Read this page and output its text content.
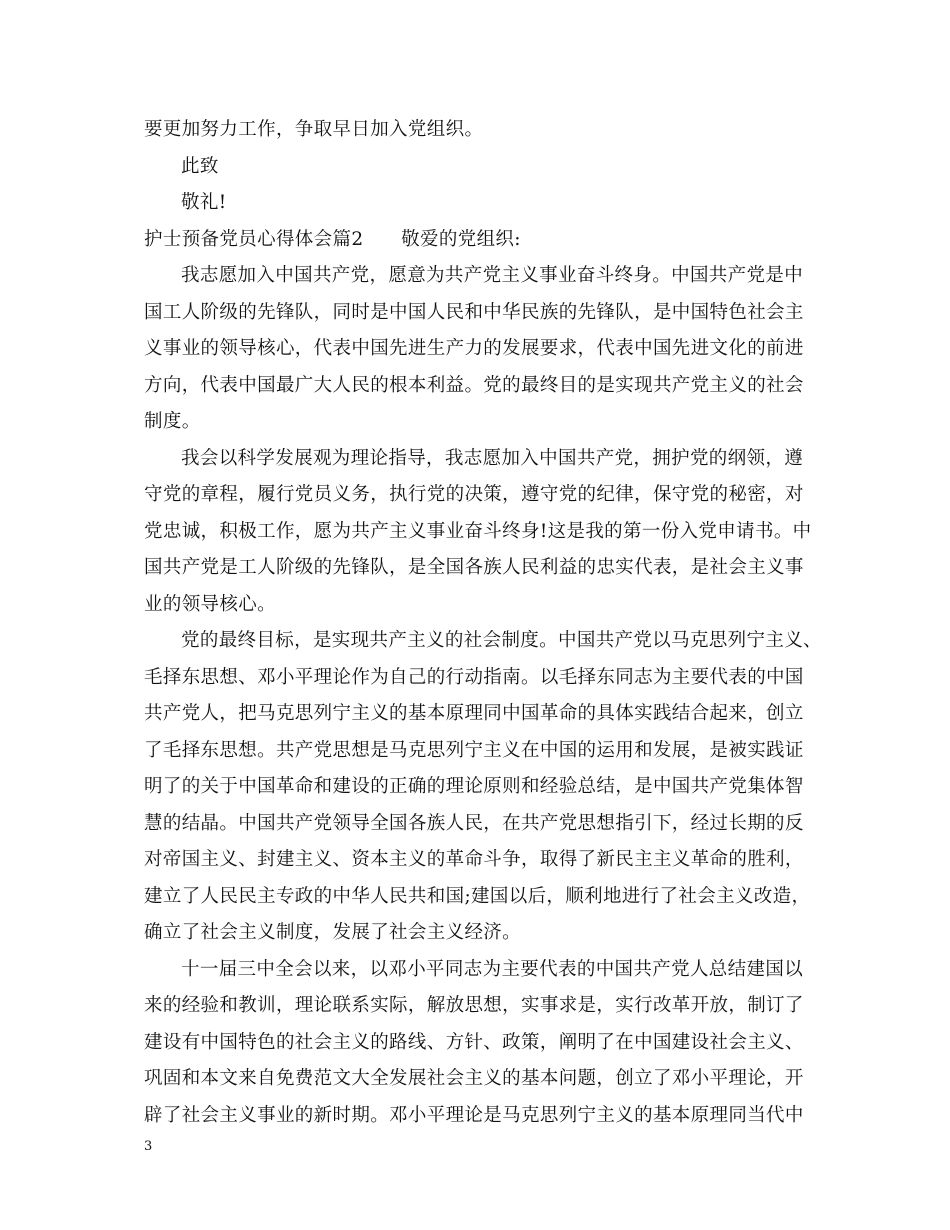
要更加努力工作，争取早日加入党组织。
此致
敬礼!
护士预备党员心得体会篇2　　敬爱的党组织:
我志愿加入中国共产党，愿意为共产党主义事业奋斗终身。中国共产党是中
国工人阶级的先锋队，同时是中国人民和中华民族的先锋队，是中国特色社会主
义事业的领导核心，代表中国先进生产力的发展要求，代表中国先进文化的前进
方向，代表中国最广大人民的根本利益。党的最终目的是实现共产党主义的社会
制度。
我会以科学发展观为理论指导，我志愿加入中国共产党，拥护党的纲领，遵
守党的章程，履行党员义务，执行党的决策，遵守党的纪律，保守党的秘密，对
党忠诚，积极工作，愿为共产主义事业奋斗终身!这是我的第一份入党申请书。中
国共产党是工人阶级的先锋队，是全国各族人民利益的忠实代表，是社会主义事
业的领导核心。
党的最终目标，是实现共产主义的社会制度。中国共产党以马克思列宁主义、
毛择东思想、邓小平理论作为自己的行动指南。以毛择东同志为主要代表的中国
共产党人，把马克思列宁主义的基本原理同中国革命的具体实践结合起来，创立
了毛择东思想。共产党思想是马克思列宁主义在中国的运用和发展，是被实践证
明了的关于中国革命和建设的正确的理论原则和经验总结，是中国共产党集体智
慧的结晶。中国共产党领导全国各族人民，在共产党思想指引下，经过长期的反
对帝国主义、封建主义、资本主义的革命斗争，取得了新民主主义革命的胜利，
建立了人民民主专政的中华人民共和国;建国以后，顺利地进行了社会主义改造，
确立了社会主义制度，发展了社会主义经济。
十一届三中全会以来，以邓小平同志为主要代表的中国共产党人总结建国以
来的经验和教训，理论联系实际，解放思想，实事求是，实行改革开放，制订了
建设有中国特色的社会主义的路线、方针、政策，阐明了在中国建设社会主义、
巩固和本文来自免费范文大全发展社会主义的基本问题，创立了邓小平理论，开
辟了社会主义事业的新时期。邓小平理论是马克思列宁主义的基本原理同当代中
3
